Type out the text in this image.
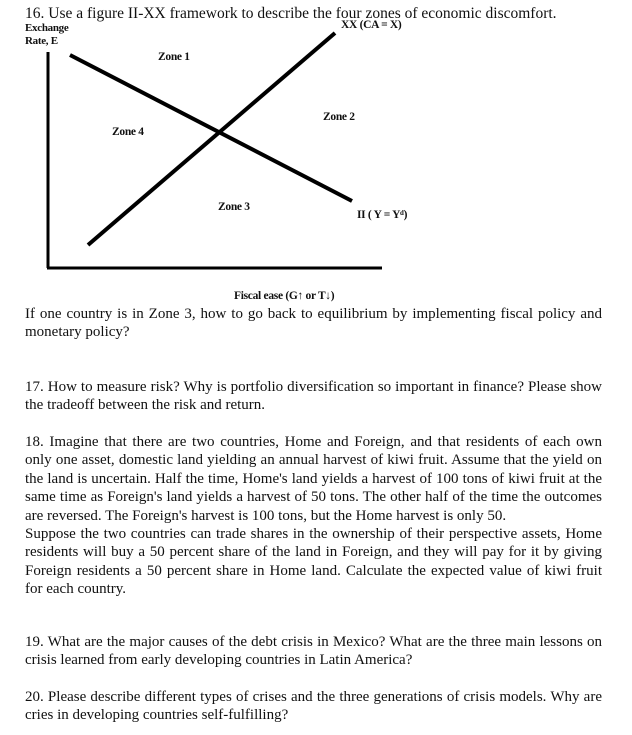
16. Use a figure II-XX framework to describe the four zones of economic discomfort.
Exchange
Rate, E
XX (CA = X)
II ( Y = Yᵈ)
Zone 1
Zone 2
Zone 3
Zone 4
Fiscal ease (G↑ or T↓)
If one country is in Zone 3, how to go back to equilibrium by implementing fiscal policy and monetary policy?
17. How to measure risk? Why is portfolio diversification so important in finance? Please show the tradeoff between the risk and return.
18. Imagine that there are two countries, Home and Foreign, and that residents of each own only one asset, domestic land yielding an annual harvest of kiwi fruit. Assume that the yield on the land is uncertain. Half the time, Home's land yields a harvest of 100 tons of kiwi fruit at the same time as Foreign's land yields a harvest of 50 tons. The other half of the time the outcomes are reversed. The Foreign's harvest is 100 tons, but the Home harvest is only 50.
Suppose the two countries can trade shares in the ownership of their perspective assets, Home residents will buy a 50 percent share of the land in Foreign, and they will pay for it by giving Foreign residents a 50 percent share in Home land. Calculate the expected value of kiwi fruit for each country.
19. What are the major causes of the debt crisis in Mexico? What are the three main lessons on crisis learned from early developing countries in Latin America?
20. Please describe different types of crises and the three generations of crisis models. Why are cries in developing countries self-fulfilling?
